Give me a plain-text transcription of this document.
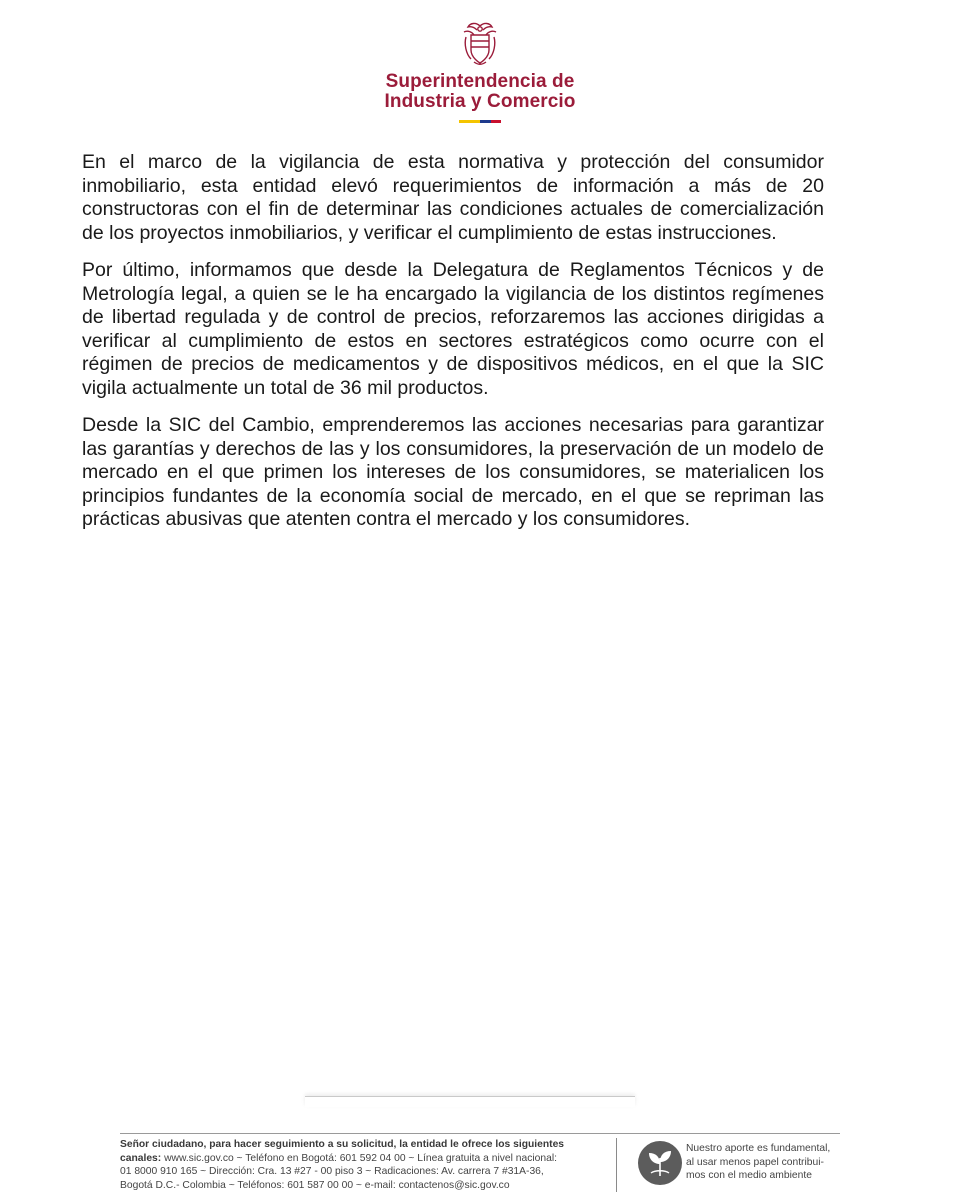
Superintendencia de
Industria y Comercio

En el marco de la vigilancia de esta normativa y protección del consumidor inmobiliario, esta entidad elevó requerimientos de información a más de 20 constructoras con el fin de determinar las condiciones actuales de comercialización de los proyectos inmobiliarios, y verificar el cumplimiento de estas instrucciones.

Por último, informamos que desde la Delegatura de Reglamentos Técnicos y de Metrología legal, a quien se le ha encargado la vigilancia de los distintos regímenes de libertad regulada y de control de precios, reforzaremos las acciones dirigidas a verificar al cumplimiento de estos en sectores estratégicos como ocurre con el régimen de precios de medicamentos y de dispositivos médicos, en el que la SIC vigila actualmente un total de 36 mil productos.

Desde la SIC del Cambio, emprenderemos las acciones necesarias para garantizar las garantías y derechos de las y los consumidores, la preservación de un modelo de mercado en el que primen los intereses de los consumidores, se materialicen los principios fundantes de la economía social de mercado, en el que se repriman las prácticas abusivas que atenten contra el mercado y los consumidores.

Señor ciudadano, para hacer seguimiento a su solicitud, la entidad le ofrece los siguientes
canales: www.sic.gov.co ~ Teléfono en Bogotá: 601 592 04 00 ~ Línea gratuita a nivel nacional:
01 8000 910 165 ~ Dirección: Cra. 13 #27 - 00 piso 3 ~ Radicaciones: Av. carrera 7 #31A-36,
Bogotá D.C.- Colombia ~ Teléfonos: 601 587 00 00 ~ e-mail: contactenos@sic.gov.co
Nuestro aporte es fundamental,
al usar menos papel contribui-
mos con el medio ambiente
